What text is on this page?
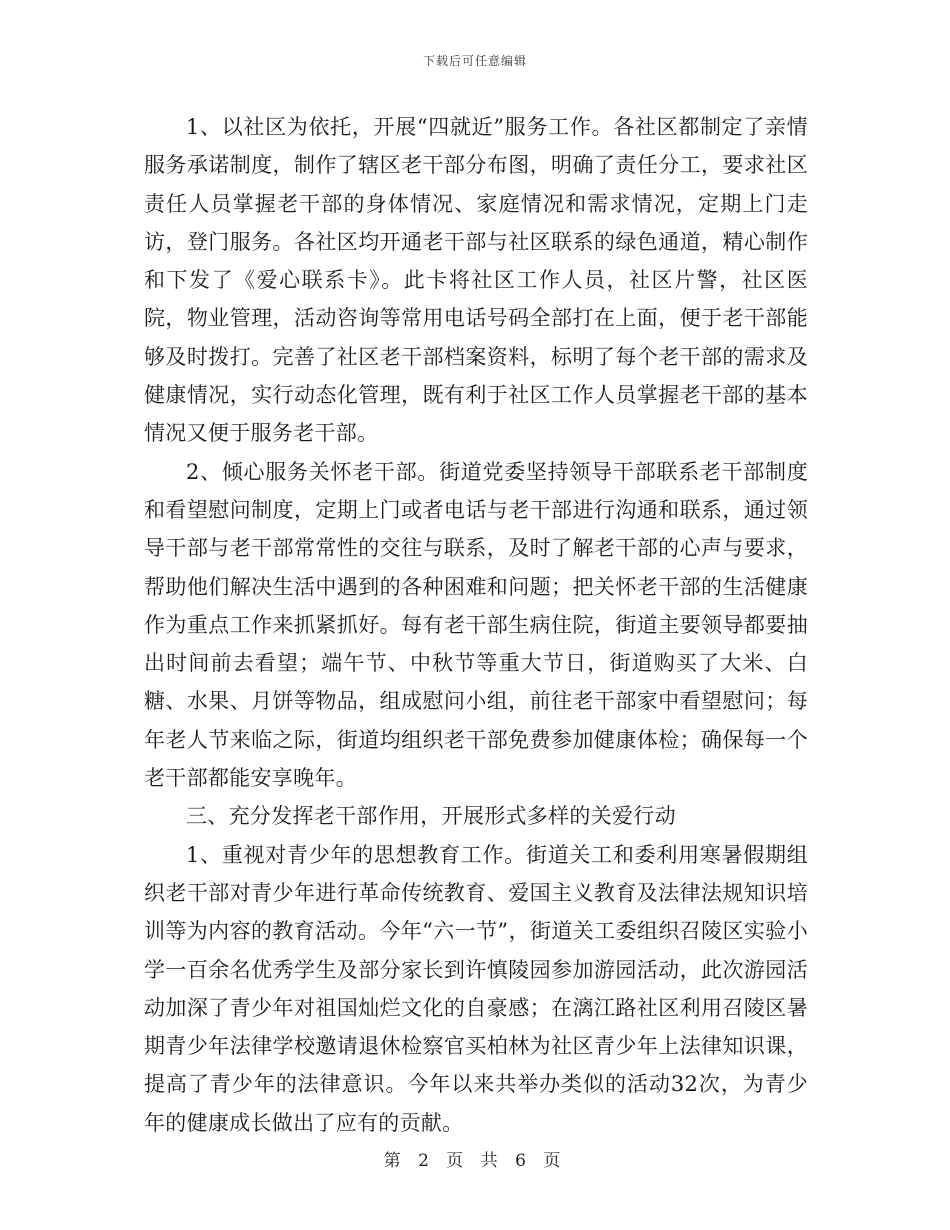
下载后可任意编辑

1、以社区为依托，开展“四就近”服务工作。各社区都制定了亲情服务承诺制度，制作了辖区老干部分布图，明确了责任分工，要求社区责任人员掌握老干部的身体情况、家庭情况和需求情况，定期上门走访，登门服务。各社区均开通老干部与社区联系的绿色通道，精心制作和下发了《爱心联系卡》。此卡将社区工作人员，社区片警，社区医院，物业管理，活动咨询等常用电话号码全部打在上面，便于老干部能够及时拨打。完善了社区老干部档案资料，标明了每个老干部的需求及健康情况，实行动态化管理，既有利于社区工作人员掌握老干部的基本情况又便于服务老干部。

2、倾心服务关怀老干部。街道党委坚持领导干部联系老干部制度和看望慰问制度，定期上门或者电话与老干部进行沟通和联系，通过领导干部与老干部常常性的交往与联系，及时了解老干部的心声与要求，帮助他们解决生活中遇到的各种困难和问题；把关怀老干部的生活健康作为重点工作来抓紧抓好。每有老干部生病住院，街道主要领导都要抽出时间前去看望；端午节、中秋节等重大节日，街道购买了大米、白糖、水果、月饼等物品，组成慰问小组，前往老干部家中看望慰问；每年老人节来临之际，街道均组织老干部免费参加健康体检；确保每一个老干部都能安享晚年。

三、充分发挥老干部作用，开展形式多样的关爱行动

1、重视对青少年的思想教育工作。街道关工和委利用寒暑假期组织老干部对青少年进行革命传统教育、爱国主义教育及法律法规知识培训等为内容的教育活动。今年“六一节”，街道关工委组织召陵区实验小学一百余名优秀学生及部分家长到许慎陵园参加游园活动，此次游园活动加深了青少年对祖国灿烂文化的自豪感；在漓江路社区利用召陵区暑期青少年法律学校邀请退休检察官买柏林为社区青少年上法律知识课，提高了青少年的法律意识。今年以来共举办类似的活动32次，为青少年的健康成长做出了应有的贡献。

第 2 页 共 6 页
